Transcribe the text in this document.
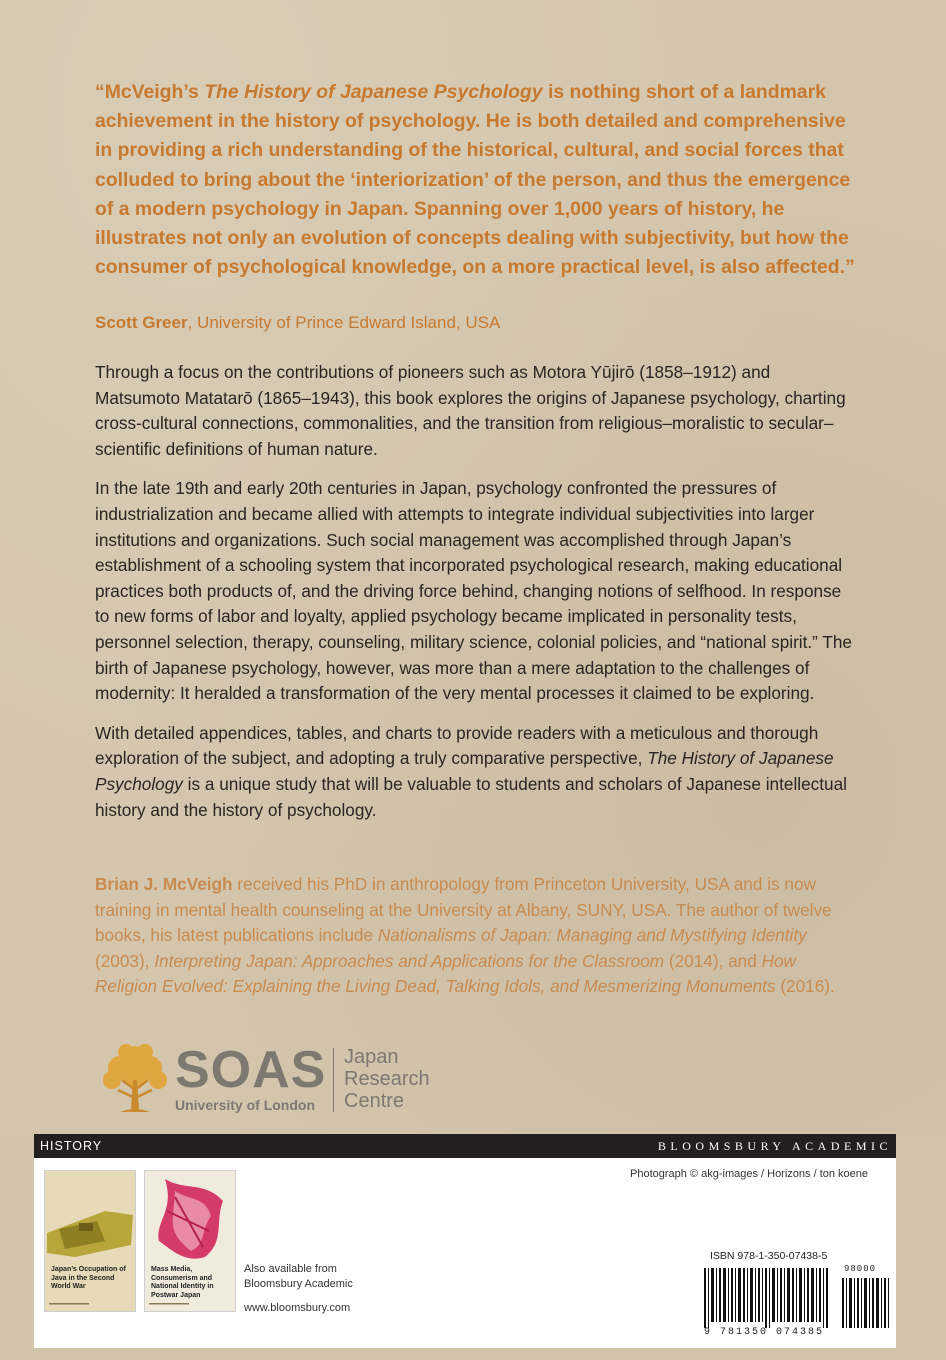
“McVeigh’s The History of Japanese Psychology is nothing short of a landmark achievement in the history of psychology. He is both detailed and comprehensive in providing a rich understanding of the historical, cultural, and social forces that colluded to bring about the ‘interiorization’ of the person, and thus the emergence of a modern psychology in Japan. Spanning over 1,000 years of history, he illustrates not only an evolution of concepts dealing with subjectivity, but how the consumer of psychological knowledge, on a more practical level, is also affected.”

Scott Greer, University of Prince Edward Island, USA

Through a focus on the contributions of pioneers such as Motora Yūjirō (1858–1912) and Matsumoto Matatarō (1865–1943), this book explores the origins of Japanese psychology, charting cross-cultural connections, commonalities, and the transition from religious–moralistic to secular–scientific definitions of human nature.

In the late 19th and early 20th centuries in Japan, psychology confronted the pressures of industrialization and became allied with attempts to integrate individual subjectivities into larger institutions and organizations. Such social management was accomplished through Japan’s establishment of a schooling system that incorporated psychological research, making educational practices both products of, and the driving force behind, changing notions of selfhood. In response to new forms of labor and loyalty, applied psychology became implicated in personality tests, personnel selection, therapy, counseling, military science, colonial policies, and “national spirit.” The birth of Japanese psychology, however, was more than a mere adaptation to the challenges of modernity: It heralded a transformation of the very mental processes it claimed to be exploring.

With detailed appendices, tables, and charts to provide readers with a meticulous and thorough exploration of the subject, and adopting a truly comparative perspective, The History of Japanese Psychology is a unique study that will be valuable to students and scholars of Japanese intellectual history and the history of psychology.

Brian J. McVeigh received his PhD in anthropology from Princeton University, USA and is now training in mental health counseling at the University at Albany, SUNY, USA. The author of twelve books, his latest publications include Nationalisms of Japan: Managing and Mystifying Identity (2003), Interpreting Japan: Approaches and Applications for the Classroom (2014), and How Religion Evolved: Explaining the Living Dead, Talking Idols, and Mesmerizing Monuments (2016).

SOAS
University of London
Japan
Research
Centre
HISTORY	BLOOMSBURY ACADEMIC
Japan’s Occupation of Java in the Second World War
Mass Media, Consumerism and National Identity in Postwar Japan
Also available from
Bloomsbury Academic
www.bloomsbury.com
Photograph © akg-images / Horizons / ton koene
ISBN 978-1-350-07438-5
98000
9 781350 074385
